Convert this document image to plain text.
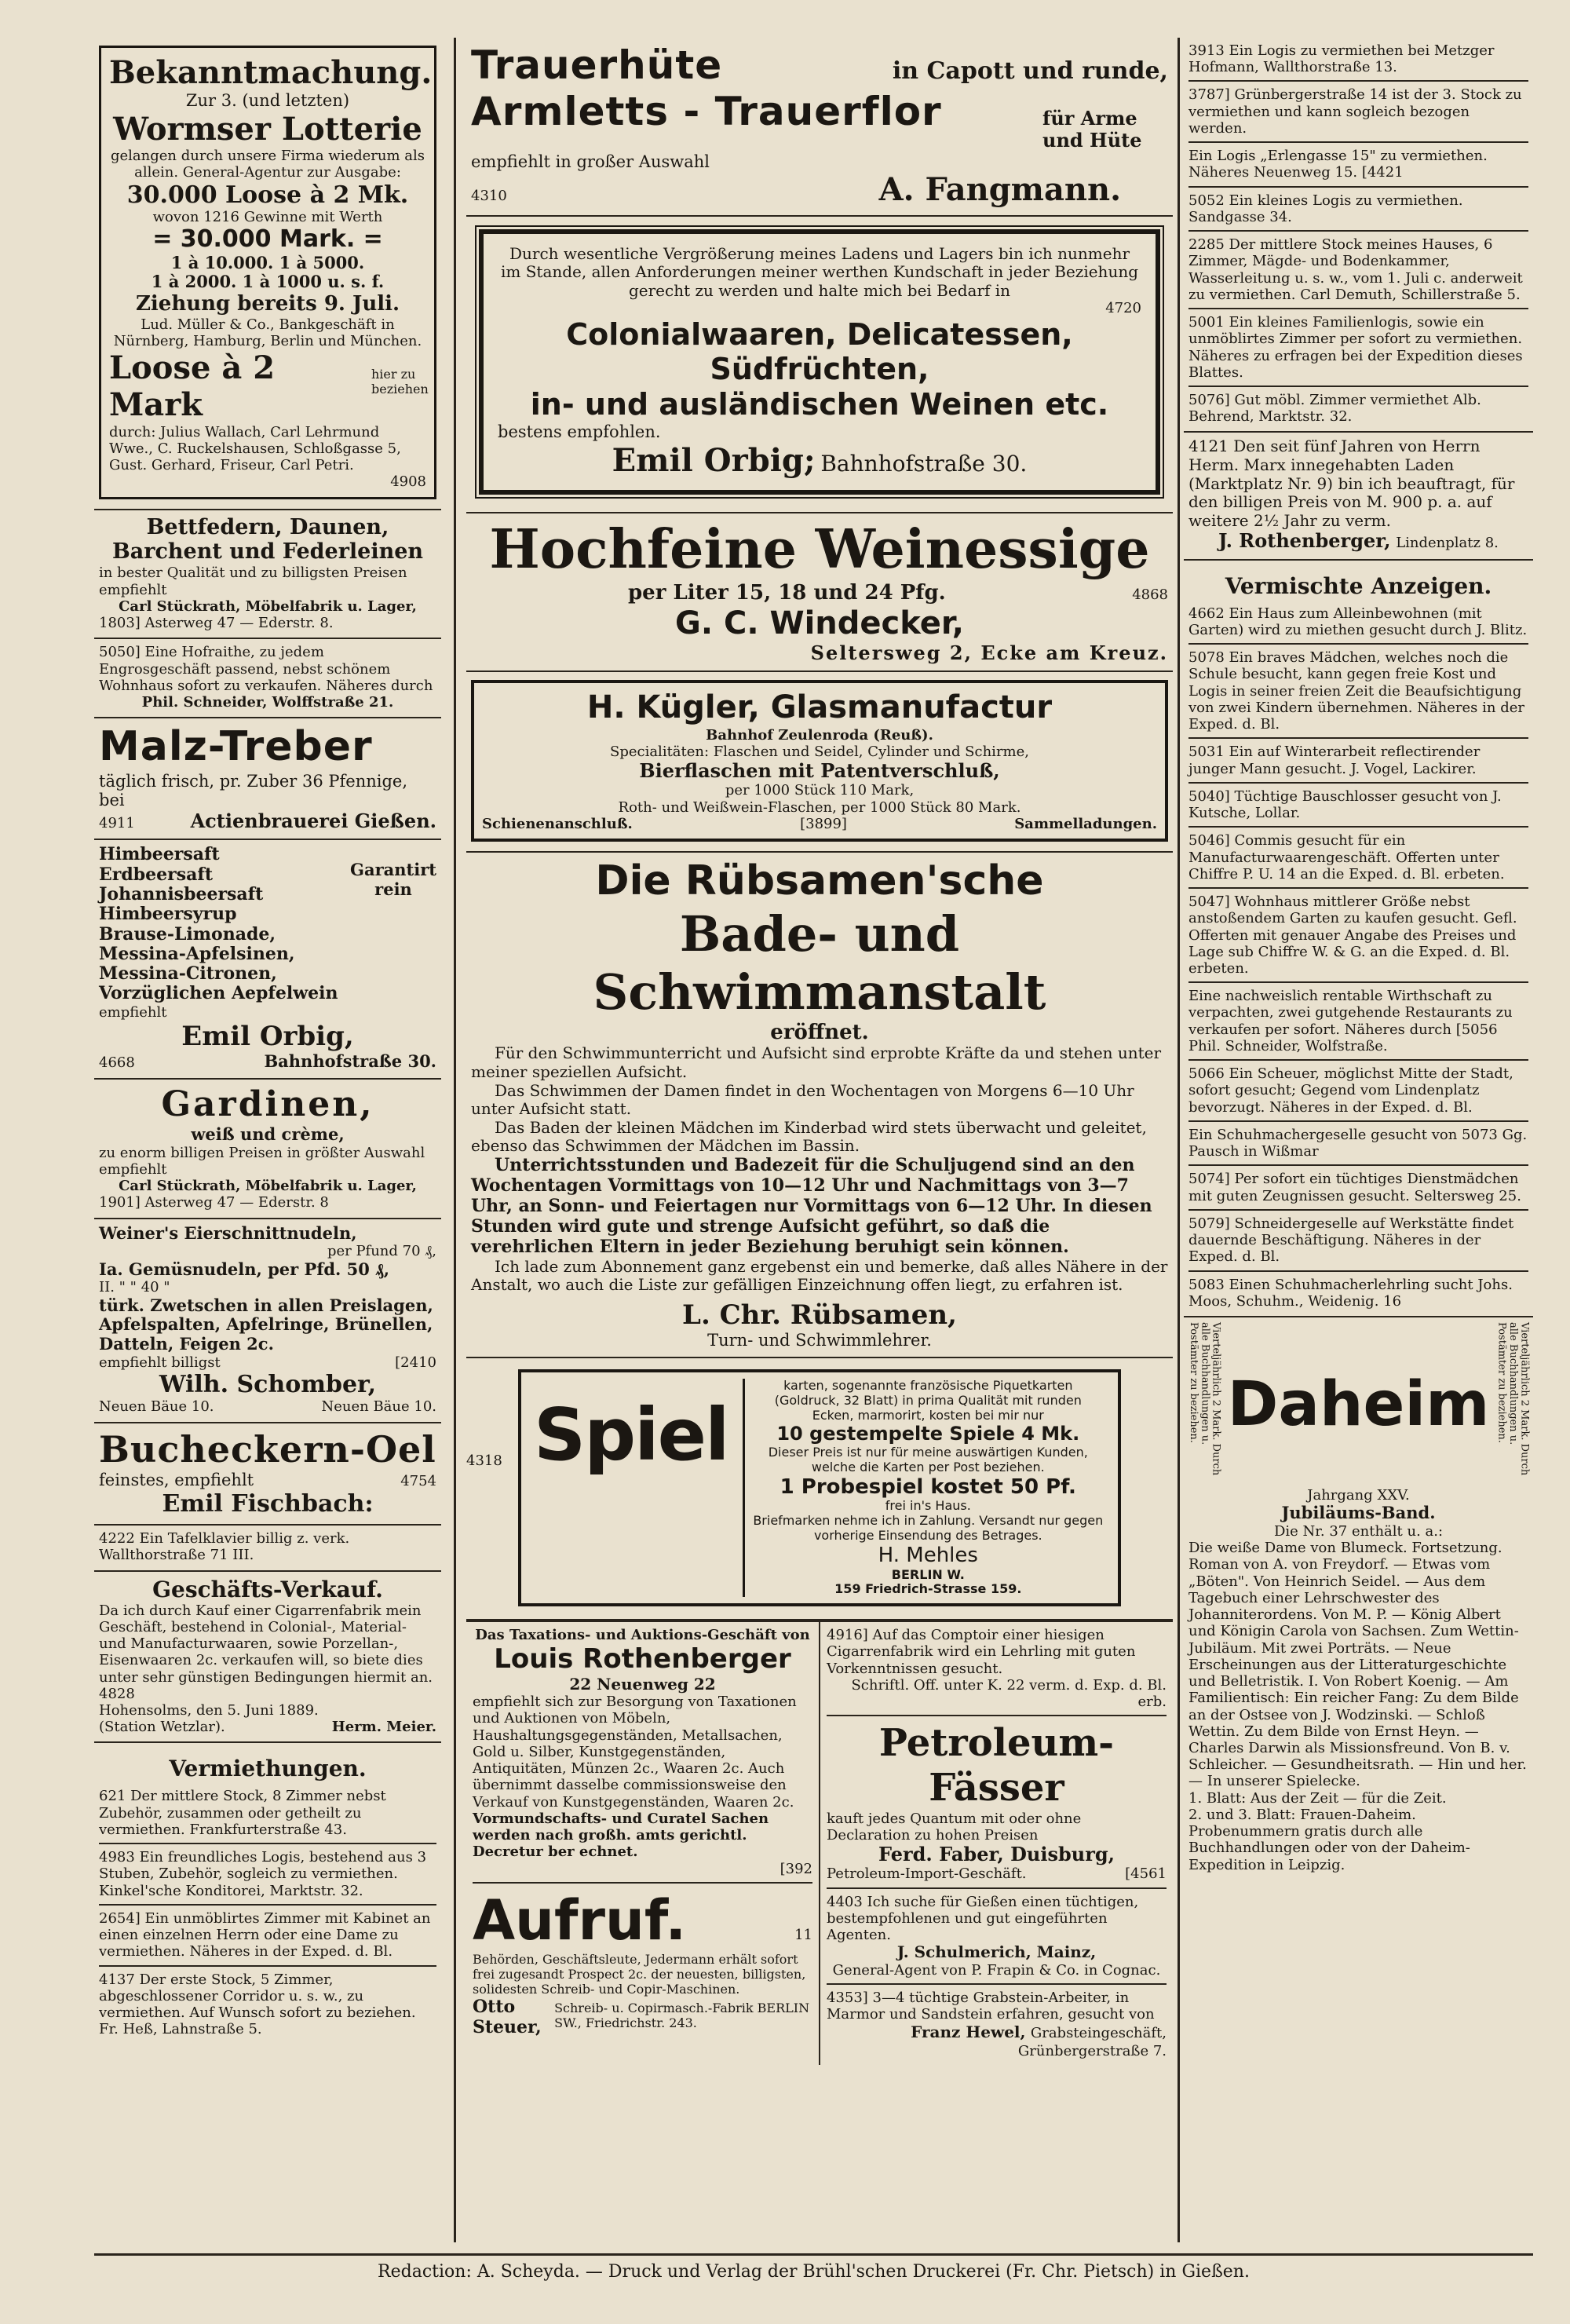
Bekanntmachung.
Zur 3. (und letzten)
Wormser Lotterie
gelangen durch unsere Firma wiederum als allein. General-Agentur zur Ausgabe:
30.000 Loose à 2 Mk.
wovon 1216 Gewinne mit Werth
= 30.000 Mark. =
1 à 10.000. 1 à 5000.
1 à 2000. 1 à 1000 u. s. f.
Ziehung bereits 9. Juli.
Lud. Müller & Co., Bankgeschäft in Nürnberg, Hamburg, Berlin und München.
Loose à 2 Mark
hier zu beziehen
durch: Julius Wallach, Carl Lehrmund Wwe., C. Ruckelshausen, Schloßgasse 5, Gust. Gerhard, Friseur, Carl Petri.
4908
Bettfedern, Daunen, Barchent und Federleinen
in bester Qualität und zu billigsten Preisen empfiehlt
Carl Stückrath, Möbelfabrik u. Lager,
1803] Asterweg 47 — Ederstr. 8.
5050] Eine Hofraithe, zu jedem Engrosgeschäft passend, nebst schönem Wohnhaus sofort zu verkaufen. Näheres durch
Phil. Schneider, Wolffstraße 21.
Malz-Treber
täglich frisch, pr. Zuber 36 Pfennige, bei
4911	Actienbrauerei Gießen.
Himbeersaft
Erdbeersaft
Johannisbeersaft
Himbeersyrup
Brause-Limonade,
Messina-Apfelsinen,
Messina-Citronen,
Vorzüglichen Aepfelwein
Garantirt rein
empfiehlt
Emil Orbig,
4668	Bahnhofstraße 30.
Gardinen,
weiß und crème,
zu enorm billigen Preisen in größter Auswahl empfiehlt
Carl Stückrath, Möbelfabrik u. Lager,
1901] Asterweg 47 — Ederstr. 8
Weiner's Eierschnittnudeln,
per Pfund 70 ₰,
Ia. Gemüsnudeln, per Pfd. 50 ₰,
II. " " 40 "
türk. Zwetschen in allen Preislagen,
Apfelspalten, Apfelringe, Brünellen, Datteln, Feigen 2c.
empfiehlt billigst	[2410
Wilh. Schomber,
Neuen Bäue 10.	Neuen Bäue 10.
Bucheckern-Oel
feinstes, empfiehlt	4754
Emil Fischbach:
4222 Ein Tafelklavier billig z. verk. Wallthorstraße 71 III.
Geschäfts-Verkauf.
Da ich durch Kauf einer Cigarrenfabrik mein Geschäft, bestehend in Colonial-, Material- und Manufacturwaaren, sowie Porzellan-, Eisenwaaren 2c. verkaufen will, so biete dies unter sehr günstigen Bedingungen hiermit an. 4828
Hohensolms, den 5. Juni 1889.
(Station Wetzlar).	Herm. Meier.
Vermiethungen.
621 Der mittlere Stock, 8 Zimmer nebst Zubehör, zusammen oder getheilt zu vermiethen. Frankfurterstraße 43.
4983 Ein freundliches Logis, bestehend aus 3 Stuben, Zubehör, sogleich zu vermiethen. Kinkel'sche Konditorei, Marktstr. 32.
2654] Ein unmöblirtes Zimmer mit Kabinet an einen einzelnen Herrn oder eine Dame zu vermiethen. Näheres in der Exped. d. Bl.
4137 Der erste Stock, 5 Zimmer, abgeschlossener Corridor u. s. w., zu vermiethen. Auf Wunsch sofort zu beziehen. Fr. Heß, Lahnstraße 5.
Trauerhüte	in Capott und runde,
Armletts - Trauerflor	für Arme und Hüte
empfiehlt in großer Auswahl
4310	A. Fangmann.
Durch wesentliche Vergrößerung meines Ladens und Lagers bin ich nunmehr im Stande, allen Anforderungen meiner werthen Kundschaft in jeder Beziehung gerecht zu werden und halte mich bei Bedarf in
4720
Colonialwaaren, Delicatessen,
Südfrüchten,
in- und ausländischen Weinen etc.
bestens empfohlen.
Emil Orbig; Bahnhofstraße 30.
Hochfeine Weinessige
per Liter 15, 18 und 24 Pfg.	4868
G. C. Windecker,
Seltersweg 2, Ecke am Kreuz.
H. Kügler, Glasmanufactur
Bahnhof Zeulenroda (Reuß).
Specialitäten: Flaschen und Seidel, Cylinder und Schirme,
Bierflaschen mit Patentverschluß,
per 1000 Stück 110 Mark,
Roth- und Weißwein-Flaschen, per 1000 Stück 80 Mark.
Schienenanschluß.	[3899]	Sammelladungen.
Die Rübsamen'sche
Bade- und Schwimmanstalt
eröffnet.
Für den Schwimmunterricht und Aufsicht sind erprobte Kräfte da und stehen unter meiner speziellen Aufsicht.
Das Schwimmen der Damen findet in den Wochentagen von Morgens 6—10 Uhr unter Aufsicht statt.
Das Baden der kleinen Mädchen im Kinderbad wird stets überwacht und geleitet, ebenso das Schwimmen der Mädchen im Bassin.
Unterrichtsstunden und Badezeit für die Schuljugend sind an den Wochentagen Vormittags von 10—12 Uhr und Nachmittags von 3—7 Uhr, an Sonn- und Feiertagen nur Vormittags von 6—12 Uhr. In diesen Stunden wird gute und strenge Aufsicht geführt, so daß die verehrlichen Eltern in jeder Beziehung beruhigt sein können.
Ich lade zum Abonnement ganz ergebenst ein und bemerke, daß alles Nähere in der Anstalt, wo auch die Liste zur gefälligen Einzeichnung offen liegt, zu erfahren ist.
L. Chr. Rübsamen,
Turn- und Schwimmlehrer.
4318 Spiel
karten, sogenannte französische Piquetkarten (Goldruck, 32 Blatt) in prima Qualität mit runden Ecken, marmorirt, kosten bei mir nur
10 gestempelte Spiele 4 Mk.
Dieser Preis ist nur für meine auswärtigen Kunden, welche die Karten per Post beziehen.
1 Probespiel kostet 50 Pf.
frei in's Haus.
Briefmarken nehme ich in Zahlung. Versandt nur gegen vorherige Einsendung des Betrages.
H. Mehles
BERLIN W.
159 Friedrich-Strasse 159.
Das Taxations- und Auktions-Geschäft von
Louis Rothenberger
22 Neuenweg 22
empfiehlt sich zur Besorgung von Taxationen und Auktionen von Möbeln, Haushaltungsgegenständen, Metallsachen, Gold u. Silber, Kunstgegenständen, Antiquitäten, Münzen 2c., Waaren 2c. Auch übernimmt dasselbe commissionsweise den Verkauf von Kunstgegenständen, Waaren 2c.
Vormundschafts- und Curatel Sachen werden nach großh. amts gerichtl. Decretur ber echnet.
[392
Aufruf.	11
Behörden, Geschäftsleute, Jedermann erhält sofort frei zugesandt Prospect 2c. der neuesten, billigsten, solidesten Schreib- und Copir-Maschinen.
Otto Steuer,
Schreib- u. Copirmasch.-Fabrik BERLIN SW., Friedrichstr. 243.
4916] Auf das Comptoir einer hiesigen Cigarrenfabrik wird ein Lehrling mit guten Vorkenntnissen gesucht.
Schriftl. Off. unter K. 22 verm. d. Exp. d. Bl. erb.
Petroleum-Fässer
kauft jedes Quantum mit oder ohne Declaration zu hohen Preisen
Ferd. Faber, Duisburg,
Petroleum-Import-Geschäft.	[4561
4403 Ich suche für Gießen einen tüchtigen, bestempfohlenen und gut eingeführten Agenten.
J. Schulmerich, Mainz,
General-Agent von P. Frapin & Co. in Cognac.
4353] 3—4 tüchtige Grabstein-Arbeiter, in Marmor und Sandstein erfahren, gesucht von
Franz Hewel, Grabsteingeschäft, Grünbergerstraße 7.
3913 Ein Logis zu vermiethen bei Metzger Hofmann, Wallthorstraße 13.
3787] Grünbergerstraße 14 ist der 3. Stock zu vermiethen und kann sogleich bezogen werden.
Ein Logis „Erlengasse 15" zu vermiethen. Näheres Neuenweg 15. [4421
5052 Ein kleines Logis zu vermiethen. Sandgasse 34.
2285 Der mittlere Stock meines Hauses, 6 Zimmer, Mägde- und Bodenkammer, Wasserleitung u. s. w., vom 1. Juli c. anderweit zu vermiethen. Carl Demuth, Schillerstraße 5.
5001 Ein kleines Familienlogis, sowie ein unmöblirtes Zimmer per sofort zu vermiethen. Näheres zu erfragen bei der Expedition dieses Blattes.
5076] Gut möbl. Zimmer vermiethet Alb. Behrend, Marktstr. 32.
4121 Den seit fünf Jahren von Herrn Herm. Marx innegehabten Laden (Marktplatz Nr. 9) bin ich beauftragt, für den billigen Preis von M. 900 p. a. auf weitere 2½ Jahr zu verm.
J. Rothenberger, Lindenplatz 8.
Vermischte Anzeigen.
4662 Ein Haus zum Alleinbewohnen (mit Garten) wird zu miethen gesucht durch J. Blitz.
5078 Ein braves Mädchen, welches noch die Schule besucht, kann gegen freie Kost und Logis in seiner freien Zeit die Beaufsichtigung von zwei Kindern übernehmen. Näheres in der Exped. d. Bl.
5031 Ein auf Winterarbeit reflectirender junger Mann gesucht. J. Vogel, Lackirer.
5040] Tüchtige Bauschlosser gesucht von J. Kutsche, Lollar.
5046] Commis gesucht für ein Manufacturwaarengeschäft. Offerten unter Chiffre P. U. 14 an die Exped. d. Bl. erbeten.
5047] Wohnhaus mittlerer Größe nebst anstoßendem Garten zu kaufen gesucht. Gefl. Offerten mit genauer Angabe des Preises und Lage sub Chiffre W. & G. an die Exped. d. Bl. erbeten.
Eine nachweislich rentable Wirthschaft zu verpachten, zwei gutgehende Restaurants zu verkaufen per sofort. Näheres durch [5056 Phil. Schneider, Wolfstraße.
5066 Ein Scheuer, möglichst Mitte der Stadt, sofort gesucht; Gegend vom Lindenplatz bevorzugt. Näheres in der Exped. d. Bl.
Ein Schuhmachergeselle gesucht von 5073 Gg. Pausch in Wißmar
5074] Per sofort ein tüchtiges Dienstmädchen mit guten Zeugnissen gesucht. Seltersweg 25.
5079] Schneidergeselle auf Werkstätte findet dauernde Beschäftigung. Näheres in der Exped. d. Bl.
5083 Einen Schuhmacherlehrling sucht Johs. Moos, Schuhm., Weidenig. 16
Vierteljährlich 2 Mark. Durch alle Buchhandlungen u. Postämter zu beziehen. Daheim	Vierteljährlich 2 Mark. Durch alle Buchhandlungen u. Postämter zu beziehen.
Jahrgang XXV.
Jubiläums-Band.
Die Nr. 37 enthält u. a.:
Die weiße Dame von Blumeck. Fortsetzung. Roman von A. von Freydorf. — Etwas vom „Böten". Von Heinrich Seidel. — Aus dem Tagebuch einer Lehrschwester des Johanniterordens. Von M. P. — König Albert und Königin Carola von Sachsen. Zum Wettin-Jubiläum. Mit zwei Porträts. — Neue Erscheinungen aus der Litteraturgeschichte und Belletristik. I. Von Robert Koenig. — Am Familientisch: Ein reicher Fang: Zu dem Bilde an der Ostsee von J. Wodzinski. — Schloß Wettin. Zu dem Bilde von Ernst Heyn. — Charles Darwin als Missionsfreund. Von B. v. Schleicher. — Gesundheitsrath. — Hin und her. — In unserer Spielecke.
1. Blatt: Aus der Zeit — für die Zeit.
2. und 3. Blatt: Frauen-Daheim.
Probenummern gratis durch alle Buchhandlungen oder von der Daheim-Expedition in Leipzig.
Redaction: A. Scheyda. — Druck und Verlag der Brühl'schen Druckerei (Fr. Chr. Pietsch) in Gießen.
